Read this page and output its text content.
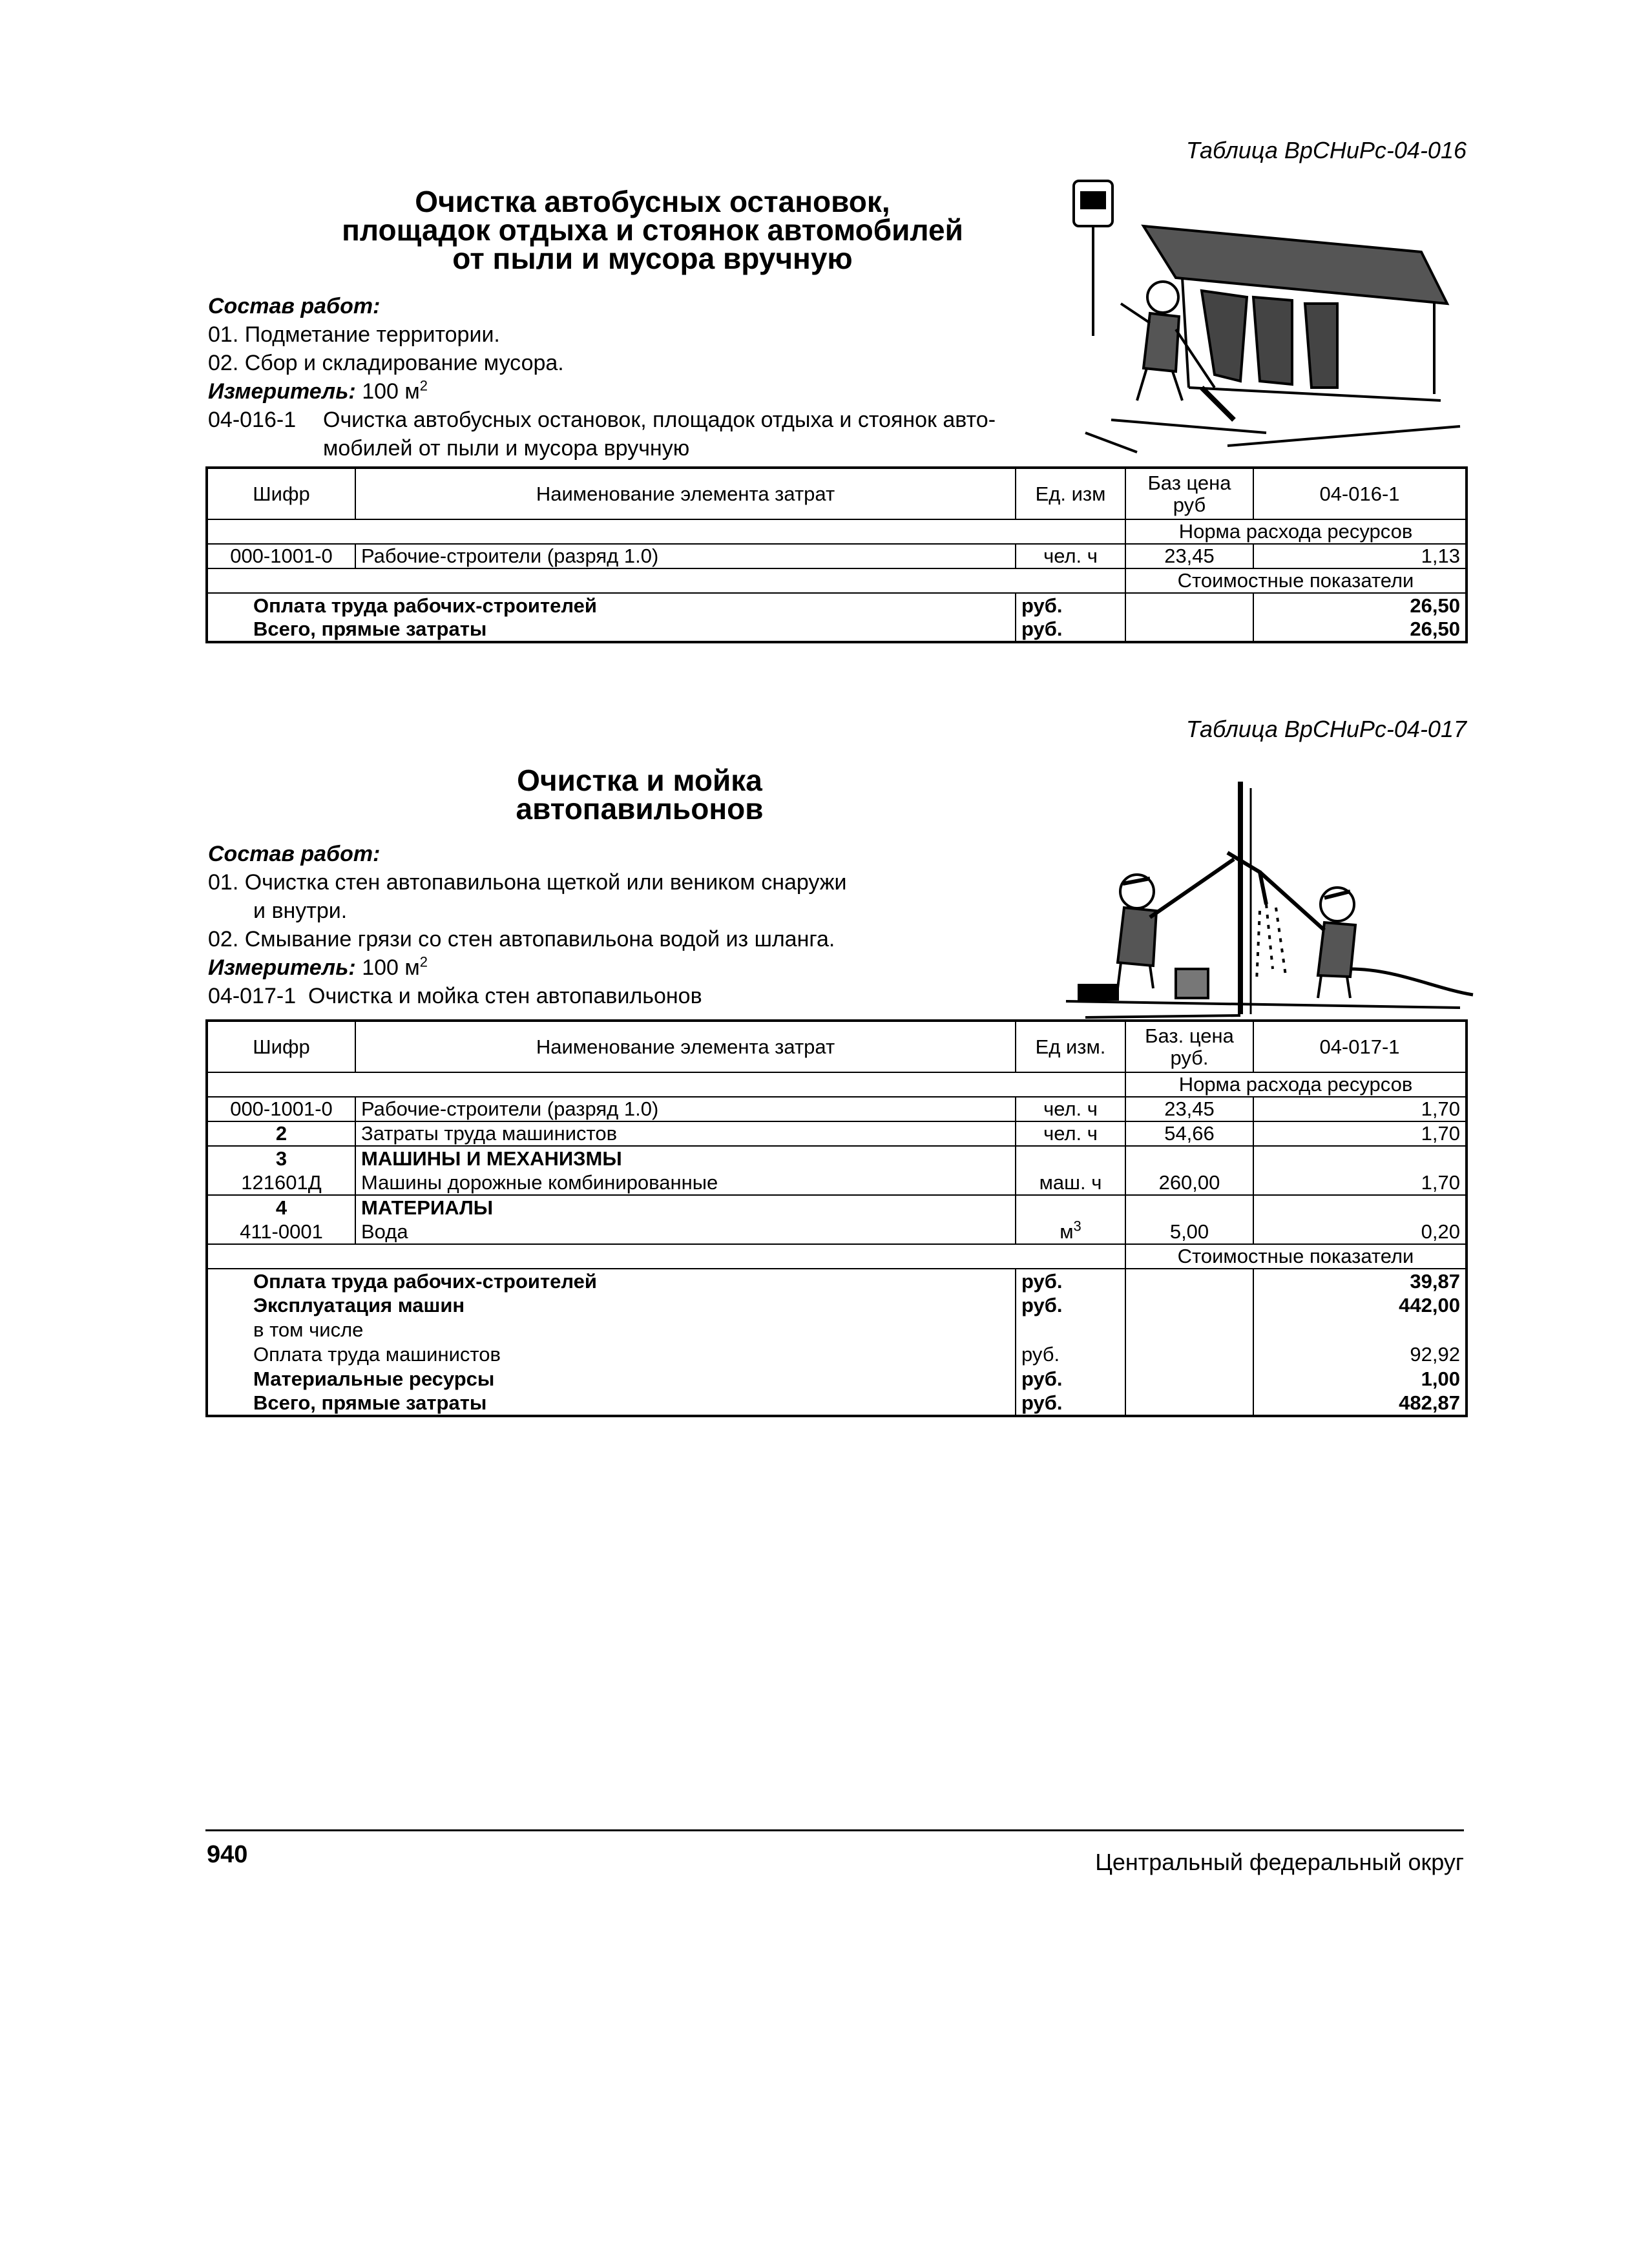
Таблица ВрСНиРс-04-016
Очистка автобусных остановок,
площадок отдыха и стоянок автомобилей
от пыли и мусора вручную
Состав работ:
01. Подметание территории.
02. Сбор и складирование мусора.
Измеритель: 100 $м^2$
04-016-1 Очистка автобусных остановок, площадок отдыха и стоянок авто-
мобилей от пыли и мусора вручную
Шифр	Наименование элемента затрат	Ед. изм	Баз цена
руб	04-016-1
			Норма расхода ресурсов	
000-1001-0	Рабочие-строители (разряд 1.0)	чел. ч	23,45	1,13
			Стоимостные показатели	
Оплата труда рабочих-строителей		руб.		26,50
Всего, прямые затраты		руб.		26,50
Таблица ВрСНиРс-04-017
Очистка и мойка
автопавильонов
Состав работ:
01. Очистка стен автопавильона щеткой или веником снаружи
и внутри.
02. Смывание грязи со стен автопавильона водой из шланга.
Измеритель: 100 $м^2$
04-017-1 Очистка и мойка стен автопавильонов
Шифр	Наименование элемента затрат	Ед изм.	Баз. цена
руб.	04-017-1
			Норма расхода ресурсов	
000-1001-0	Рабочие-строители (разряд 1.0)	чел. ч	23,45	1,70
2	Затраты труда машинистов	чел. ч	54,66	1,70
3	МАШИНЫ И МЕХАНИЗМЫ			
121601Д	Машины дорожные комбинированные	маш. ч	260,00	1,70
4	МАТЕРИАЛЫ			
411-0001	Вода	$м^3$	5,00	0,20
			Стоимостные показатели	
Оплата труда рабочих-строителей		руб.		39,87
Эксплуатация машин		руб.		442,00
в том числе				
Оплата труда машинистов		руб.		92,92
Материальные ресурсы		руб.		1,00
Всего, прямые затраты		руб.		482,87
940	Центральный федеральный округ
